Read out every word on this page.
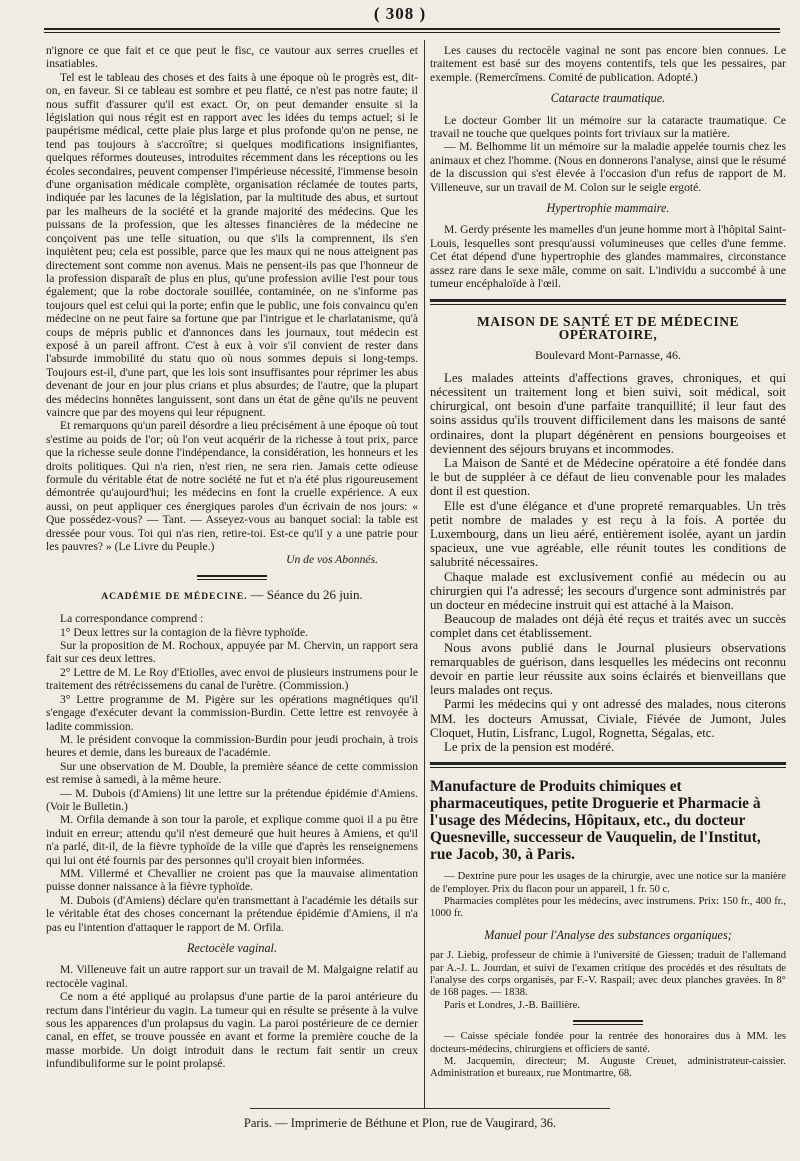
( 308 )

n'ignore ce que fait et ce que peut le fisc, ce vautour aux serres cruelles et insatiables.

Tel est le tableau des choses et des faits à une époque où le progrès est, dit-on, en faveur. Si ce tableau est sombre et peu flatté, ce n'est pas notre faute; il nous suffit d'assurer qu'il est exact. Or, on peut demander ensuite si la législation qui nous régit est en rapport avec les idées du temps actuel; si le paupérisme médical, cette plaie plus large et plus profonde qu'on ne pense, ne tend pas toujours à s'accroître; si quelques modifications insignifiantes, quelques réformes douteuses, introduites récemment dans les réceptions ou les écoles secondaires, peuvent compenser l'impérieuse nécessité, l'immense besoin d'une organisation médicale complète, organisation réclamée de toutes parts, indiquée par les lacunes de la législation, par la multitude des abus, et surtout par les malheurs de la société et la grande majorité des médecins. Que les puissans de la profession, que les altesses financières de la médecine ne conçoivent pas une telle situation, ou que s'ils la comprennent, ils s'en inquiètent peu; cela est possible, parce que les maux qui ne nous atteignent pas directement sont comme non avenus. Mais ne pensent-ils pas que l'honneur de la profession disparaît de plus en plus, qu'une profession avilie l'est pour tous également; que la robe doctorale souillée, contaminée, on ne s'informe pas toujours quel est celui qui la porte; enfin que le public, une fois convaincu qu'en médecine on ne peut faire sa fortune que par l'intrigue et le charlatanisme, qu'à coups de mépris public et d'annonces dans les journaux, tout médecin est exposé à un pareil affront. C'est à eux à voir s'il convient de rester dans l'absurde immobilité du statu quo où nous sommes depuis si long-temps. Toujours est-il, d'une part, que les lois sont insuffisantes pour réprimer les abus devenant de jour en jour plus crians et plus absurdes; de l'autre, que la plupart des médecins honnêtes languissent, sont dans un état de gêne qu'ils ne peuvent vaincre que par des moyens qui leur répugnent.

Et remarquons qu'un pareil désordre a lieu précisément à une époque où tout s'estime au poids de l'or; où l'on veut acquérir de la richesse à tout prix, parce que la richesse seule donne l'indépendance, la considération, les honneurs et les droits politiques. Qui n'a rien, n'est rien, ne sera rien. Jamais cette odieuse formule du véritable état de notre société ne fut et n'a été plus rigoureusement démontrée qu'aujourd'hui; les médecins en font la cruelle expérience. A eux aussi, on peut appliquer ces énergiques paroles d'un écrivain de nos jours: « Que possédez-vous? — Tant. — Asseyez-vous au banquet social: la table est dressée pour vous. Toi qui n'as rien, retire-toi. Est-ce qu'il y a une patrie pour les pauvres? » (Le Livre du Peuple.)

Un de vos Abonnés.

ACADÉMIE DE MÉDECINE. — Séance du 26 juin.

La correspondance comprend :

1° Deux lettres sur la contagion de la fièvre typhoïde.

Sur la proposition de M. Rochoux, appuyée par M. Chervin, un rapport sera fait sur ces deux lettres.

2° Lettre de M. Le Roy d'Etiolles, avec envoi de plusieurs instrumens pour le traitement des rétrécissemens du canal de l'urètre. (Commission.)

3° Lettre programme de M. Pigère sur les opérations magnétiques qu'il s'engage d'exécuter devant la commission-Burdin. Cette lettre est renvoyée à ladite commission.

M. le président convoque la commission-Burdin pour jeudi prochain, à trois heures et demie, dans les bureaux de l'académie.

Sur une observation de M. Double, la première séance de cette commission est remise à samedi, à la même heure.

— M. Dubois (d'Amiens) lit une lettre sur la prétendue épidémie d'Amiens. (Voir le Bulletin.)

M. Orfila demande à son tour la parole, et explique comme quoi il a pu être induit en erreur; attendu qu'il n'est demeuré que huit heures à Amiens, et qu'il n'a parlé, dit-il, de la fièvre typhoïde de la ville que d'après les renseignemens qui lui ont été fournis par des personnes qu'il croyait bien informées.

MM. Villermé et Chevallier ne croient pas que la mauvaise alimentation puisse donner naissance à la fièvre typhoïde.

M. Dubois (d'Amiens) déclare qu'en transmettant à l'académie les détails sur le véritable état des choses concernant la prétendue épidémie d'Amiens, il n'a pas eu l'intention d'attaquer le rapport de M. Orfila.

Rectocèle vaginal.

M. Villeneuve fait un autre rapport sur un travail de M. Malgaigne relatif au rectocèle vaginal.

Ce nom a été appliqué au prolapsus d'une partie de la paroi antérieure du rectum dans l'intérieur du vagin. La tumeur qui en résulte se présente à la vulve sous les apparences d'un prolapsus du vagin. La paroi postérieure de ce dernier canal, en effet, se trouve poussée en avant et forme la première couche de la masse morbide. Un doigt introduit dans le rectum fait sentir un creux infundibuliforme sur le point prolapsé.

Les causes du rectocèle vaginal ne sont pas encore bien connues. Le traitement est basé sur des moyens contentifs, tels que les pessaires, par exemple. (Remercîmens. Comité de publication. Adopté.)

Cataracte traumatique.

Le docteur Gomber lit un mémoire sur la cataracte traumatique. Ce travail ne touche que quelques points fort triviaux sur la matière.

— M. Belhomme lit un mémoire sur la maladie appelée tournis chez les animaux et chez l'homme. (Nous en donnerons l'analyse, ainsi que le résumé de la discussion qui s'est élevée à l'occasion d'un refus de rapport de M. Villeneuve, sur un travail de M. Colon sur le seigle ergoté.

Hypertrophie mammaire.

M. Gerdy présente les mamelles d'un jeune homme mort à l'hôpital Saint-Louis, lesquelles sont presqu'aussi volumineuses que celles d'une femme. Cet état dépend d'une hypertrophie des glandes mammaires, circonstance assez rare dans le sexe mâle, comme on sait. L'individu a succombé à une tumeur encéphaloïde à l'œil.

MAISON DE SANTÉ ET DE MÉDECINE OPÉRATOIRE,
Boulevard Mont-Parnasse, 46.

Les malades atteints d'affections graves, chroniques, et qui nécessitent un traitement long et bien suivi, soit médical, soit chirurgical, ont besoin d'une parfaite tranquillité; il leur faut des soins assidus qu'ils trouvent difficilement dans les maisons de santé ordinaires, dont la plupart dégénèrent en pensions bourgeoises et deviennent des séjours bruyans et incommodes.

La Maison de Santé et de Médecine opératoire a été fondée dans le but de suppléer à ce défaut de lieu convenable pour les malades dont il est question.

Elle est d'une élégance et d'une propreté remarquables. Un très petit nombre de malades y est reçu à la fois. A portée du Luxembourg, dans un lieu aéré, entièrement isolée, ayant un jardin spacieux, une vue agréable, elle réunit toutes les conditions de salubrité nécessaires.

Chaque malade est exclusivement confié au médecin ou au chirurgien qui l'a adressé; les secours d'urgence sont administrés par un docteur en médecine instruit qui est attaché à la Maison.

Beaucoup de malades ont déjà été reçus et traités avec un succès complet dans cet établissement.

Nous avons publié dans le Journal plusieurs observations remarquables de guérison, dans lesquelles les médecins ont reconnu devoir en partie leur réussite aux soins éclairés et bienveillans que leurs malades ont reçus.

Parmi les médecins qui y ont adressé des malades, nous citerons MM. les docteurs Amussat, Civiale, Fiévée de Jumont, Jules Cloquet, Hutin, Lisfranc, Lugol, Rognetta, Ségalas, etc.

Le prix de la pension est modéré.

Manufacture de Produits chimiques et pharmaceutiques, petite Droguerie et Pharmacie à l'usage des Médecins, Hôpitaux, etc., du docteur Quesneville, successeur de Vauquelin, de l'Institut, rue Jacob, 30, à Paris.

— Dextrine pure pour les usages de la chirurgie, avec une notice sur la manière de l'employer. Prix du flacon pour un appareil, 1 fr. 50 c.

Pharmacies complètes pour les médecins, avec instrumens. Prix: 150 fr., 400 fr., 1000 fr.

Manuel pour l'Analyse des substances organiques;

par J. Liebig, professeur de chimie à l'université de Giessen; traduit de l'allemand par A.-J. L. Jourdan, et suivi de l'examen critique des procédés et des résultats de l'analyse des corps organisés, par F.-V. Raspail; avec deux planches gravées. In 8° de 168 pages. — 1838.

Paris et Londres, J.-B. Baillière.

— Caisse spéciale fondée pour la rentrée des honoraires dus à MM. les docteurs-médecins, chirurgiens et officiers de santé.

M. Jacquemin, directeur; M. Auguste Creuet, administrateur-caissier. Administration et bureaux, rue Montmartre, 68.

Paris. — Imprimerie de Béthune et Plon, rue de Vaugirard, 36.
